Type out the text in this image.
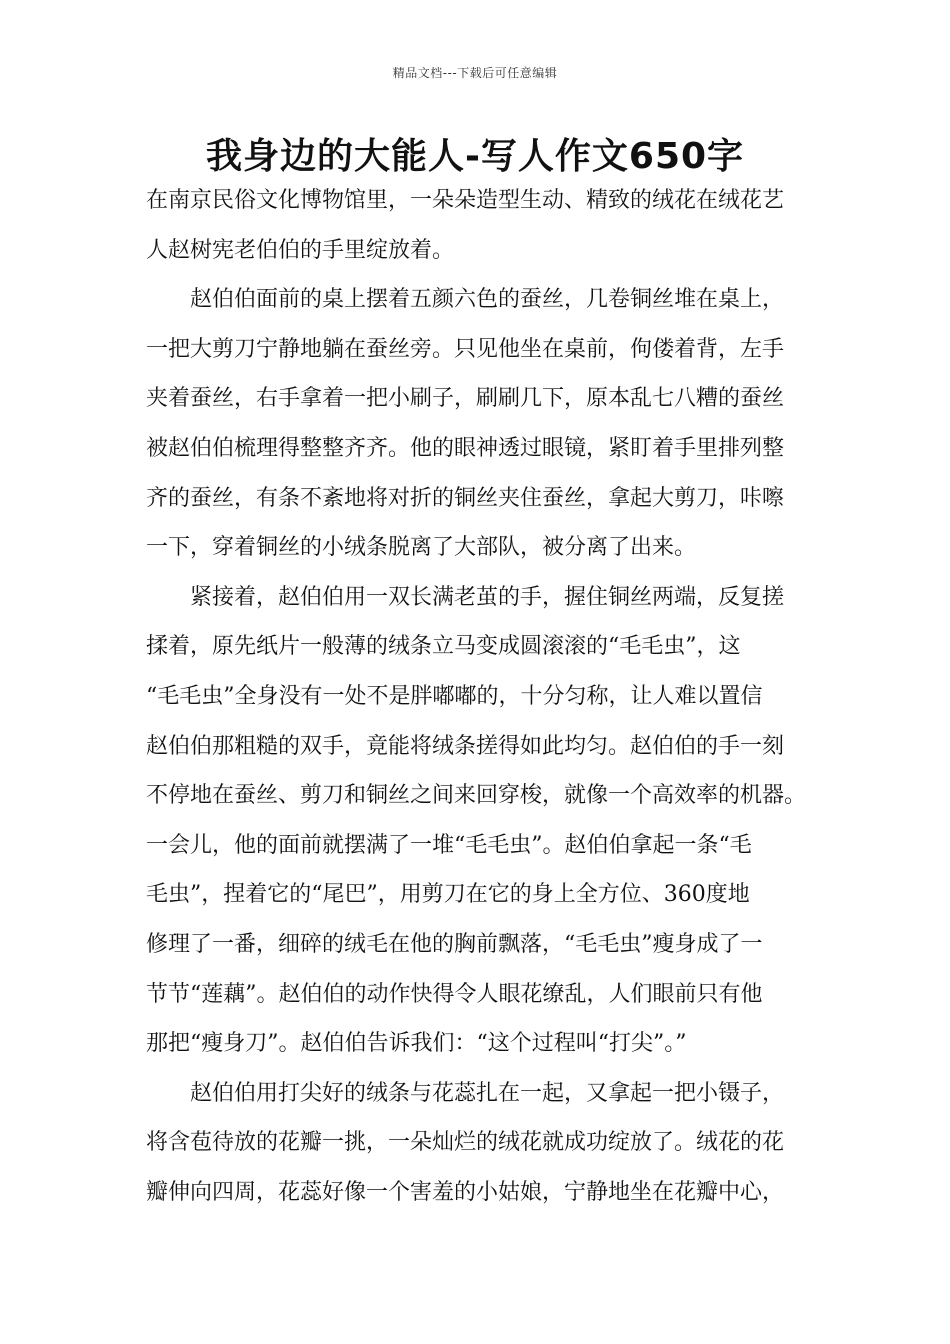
精品文档---下载后可任意编辑
我身边的大能人-写人作文650字
在南京民俗文化博物馆里，一朵朵造型生动、精致的绒花在绒花艺
人赵树宪老伯伯的手里绽放着。
　　赵伯伯面前的桌上摆着五颜六色的蚕丝，几卷铜丝堆在桌上，
一把大剪刀宁静地躺在蚕丝旁。只见他坐在桌前，佝偻着背，左手
夹着蚕丝，右手拿着一把小刷子，刷刷几下，原本乱七八糟的蚕丝
被赵伯伯梳理得整整齐齐。他的眼神透过眼镜，紧盯着手里排列整
齐的蚕丝，有条不紊地将对折的铜丝夹住蚕丝，拿起大剪刀，咔嚓
一下，穿着铜丝的小绒条脱离了大部队，被分离了出来。
　　紧接着，赵伯伯用一双长满老茧的手，握住铜丝两端，反复搓
揉着，原先纸片一般薄的绒条立马变成圆滚滚的“毛毛虫”，这
“毛毛虫”全身没有一处不是胖嘟嘟的，十分匀称，让人难以置信
赵伯伯那粗糙的双手，竟能将绒条搓得如此均匀。赵伯伯的手一刻
不停地在蚕丝、剪刀和铜丝之间来回穿梭，就像一个高效率的机器。
一会儿，他的面前就摆满了一堆“毛毛虫”。赵伯伯拿起一条“毛
毛虫”，捏着它的“尾巴”，用剪刀在它的身上全方位、360度地
修理了一番，细碎的绒毛在他的胸前飘落，“毛毛虫”瘦身成了一
节节“莲藕”。赵伯伯的动作快得令人眼花缭乱，人们眼前只有他
那把“瘦身刀”。赵伯伯告诉我们：“这个过程叫“打尖”。”
　　赵伯伯用打尖好的绒条与花蕊扎在一起，又拿起一把小镊子，
将含苞待放的花瓣一挑，一朵灿烂的绒花就成功绽放了。绒花的花
瓣伸向四周，花蕊好像一个害羞的小姑娘，宁静地坐在花瓣中心，
